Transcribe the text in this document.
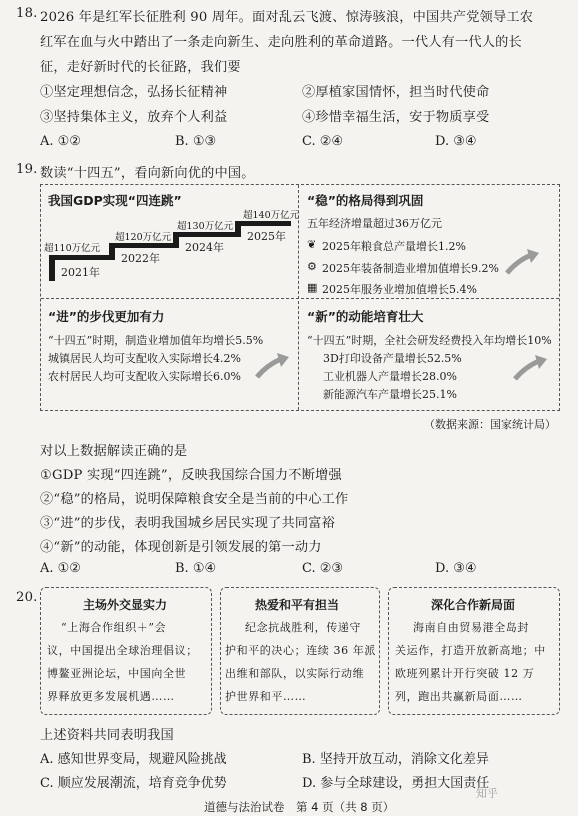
18. 2026 年是红军长征胜利 90 周年。面对乱云飞渡、惊涛骇浪，中国共产党领导工农
红军在血与火中踏出了一条走向新生、走向胜利的革命道路。一代人有一代人的长
征，走好新时代的长征路，我们要
①坚定理想信念，弘扬长征精神	②厚植家国情怀，担当时代使命
③坚持集体主义，放弃个人利益	④珍惜幸福生活，安于物质享受
A. ①②	B. ①③	C. ②④	D. ③④
19. 数读“十四五”，看向新向优的中国。
我国GDP实现“四连跳”
超110万亿元
超120万亿元
超130万亿元
超140万亿元
2021年
2022年
2024年
2025年
“稳”的格局得到巩固
五年经济增量超过36万亿元
❦ 2025年粮食总产量增长1.2%
⚙ 2025年装备制造业增加值增长9.2%
▦ 2025年服务业增加值增长5.4%
“进”的步伐更加有力
“十四五”时期，制造业增加值年均增长5.5%
城镇居民人均可支配收入实际增长4.2%
农村居民人均可支配收入实际增长6.0%
“新”的动能培育壮大
“十四五”时期，全社会研发经费投入年均增长10%
3D打印设备产量增长52.5%
工业机器人产量增长28.0%
新能源汽车产量增长25.1%
（数据来源：国家统计局）
对以上数据解读正确的是
①GDP 实现“四连跳”，反映我国综合国力不断增强
②“稳”的格局，说明保障粮食安全是当前的中心工作
③“进”的步伐，表明我国城乡居民实现了共同富裕
④“新”的动能，体现创新是引领发展的第一动力
A. ①②	B. ①④	C. ②③	D. ③④
20.	主场外交显实力
“上海合作组织＋”会
议，中国提出全球治理倡议；
博鳌亚洲论坛，中国向全世
界释放更多发展机遇……
热爱和平有担当
纪念抗战胜利，传递守
护和平的决心；连续 36 年派
出维和部队，以实际行动维
护世界和平……
深化合作新局面
海南自由贸易港全岛封
关运作，打造开放新高地；中
欧班列累计开行突破 12 万
列，跑出共赢新局面……
上述资料共同表明我国
A. 感知世界变局，规避风险挑战	B. 坚持开放互动，消除文化差异
C. 顺应发展潮流，培育竞争优势	D. 参与全球建设，勇担大国责任
知乎
道德与法治试卷　第 4 页（共 8 页）
